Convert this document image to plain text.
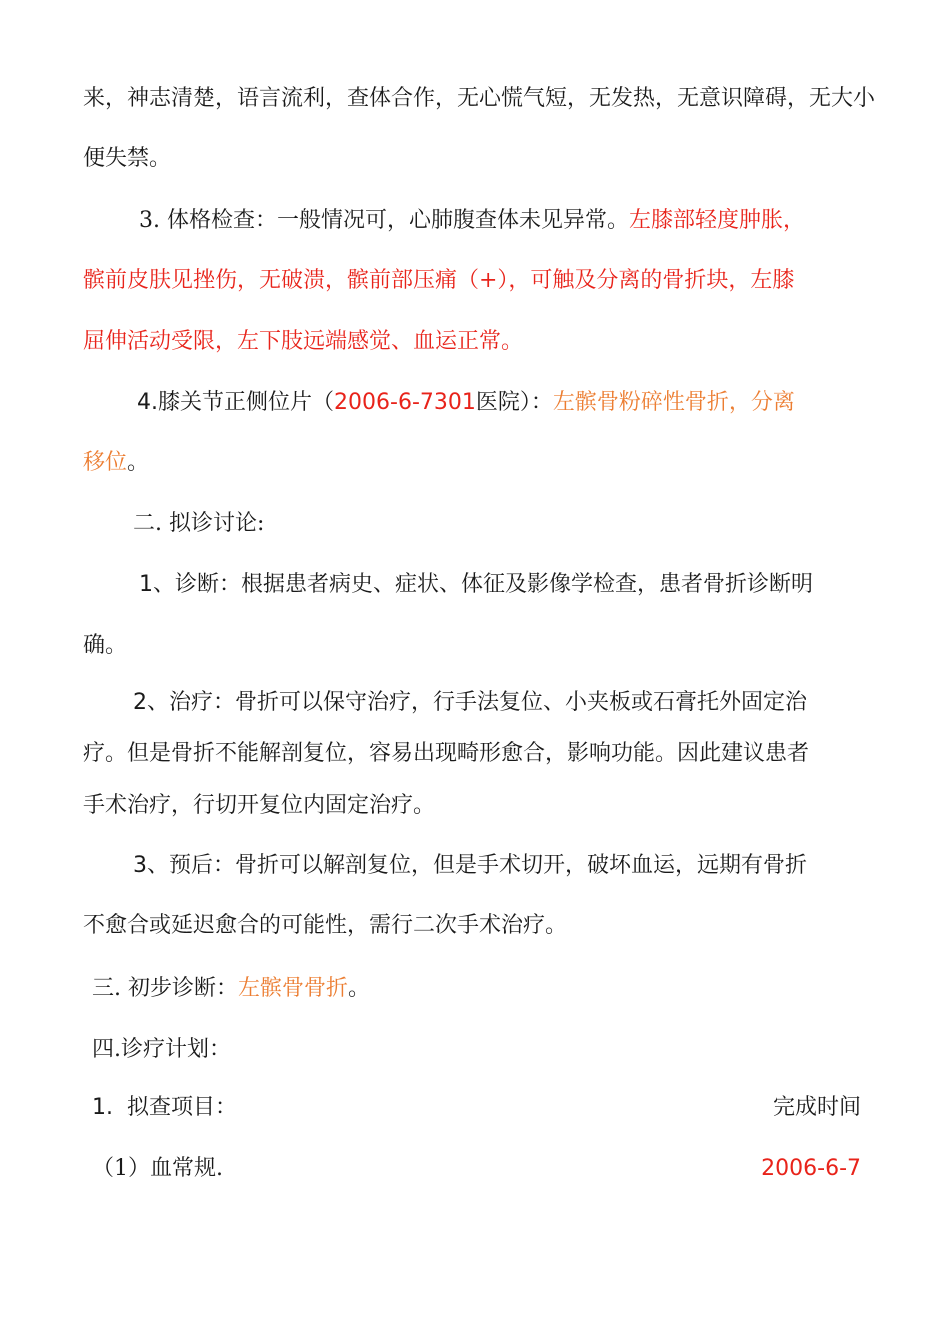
来，神志清楚，语言流利，查体合作，无心慌气短，无发热，无意识障碍，无大小
便失禁。
3. 体格检查：一般情况可，心肺腹查体未见异常。左膝部轻度肿胀，
髌前皮肤见挫伤，无破溃，髌前部压痛（+），可触及分离的骨折块，左膝
屈伸活动受限，左下肢远端感觉、血运正常。
4.膝关节正侧位片（2006-6-7301医院）：左髌骨粉碎性骨折，分离
移位。
二. 拟诊讨论:
1、诊断：根据患者病史、症状、体征及影像学检查，患者骨折诊断明
确。
2、治疗：骨折可以保守治疗，行手法复位、小夹板或石膏托外固定治
疗。但是骨折不能解剖复位，容易出现畸形愈合，影响功能。因此建议患者
手术治疗，行切开复位内固定治疗。
3、预后：骨折可以解剖复位，但是手术切开，破坏血运，远期有骨折
不愈合或延迟愈合的可能性，需行二次手术治疗。
三. 初步诊断：左髌骨骨折。
四.诊疗计划：
1. 拟查项目：	完成时间
（1）血常规.	2006-6-7
